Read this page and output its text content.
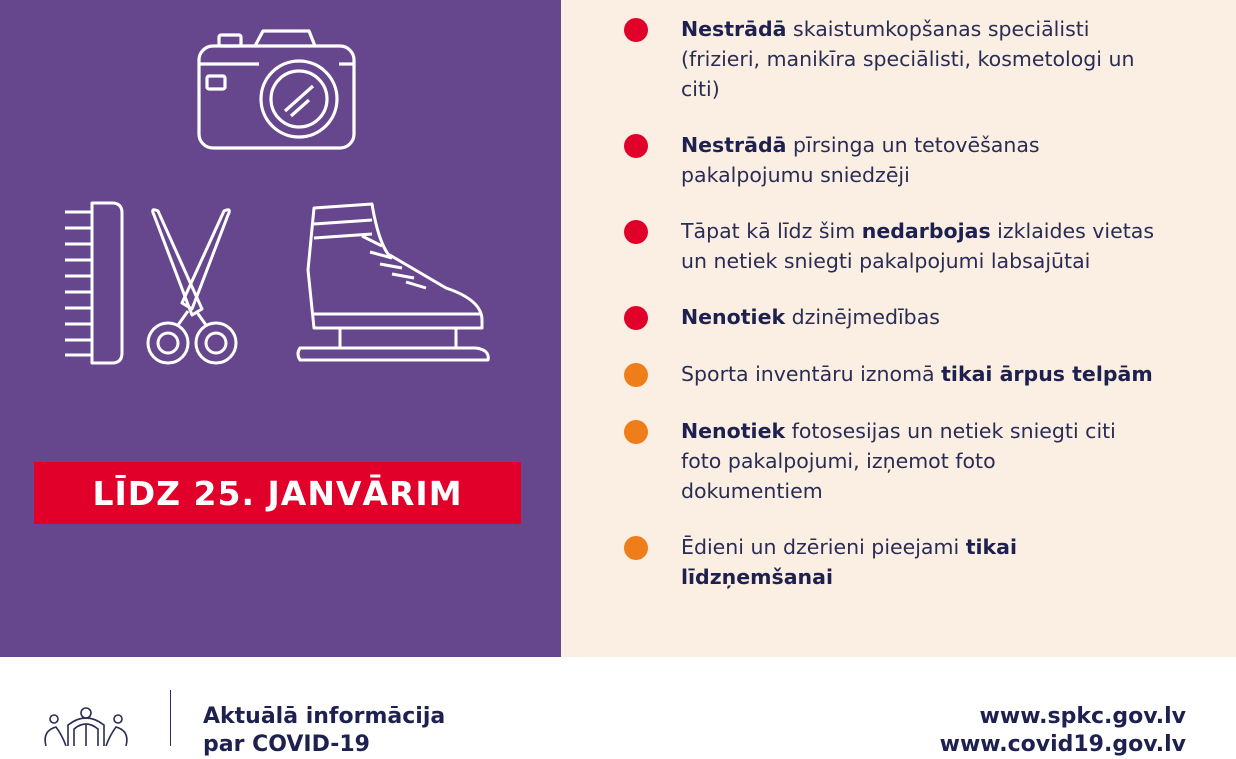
LĪDZ 25. JANVĀRIM
Nestrādā skaistumkopšanas speciālisti
(frizieri, manikīra speciālisti, kosmetologi un
citi)
Nestrādā pīrsinga un tetovēšanas
pakalpojumu sniedzēji
Tāpat kā līdz šim nedarbojas izklaides vietas
un netiek sniegti pakalpojumi labsajūtai
Nenotiek dzinējmedības
Sporta inventāru iznomā tikai ārpus telpām
Nenotiek fotosesijas un netiek sniegti citi
foto pakalpojumi, izņemot foto
dokumentiem
Ēdieni un dzērieni pieejami tikai
līdzņemšanai
Aktuālā informācija
par COVID-19
www.spkc.gov.lv
www.covid19.gov.lv
